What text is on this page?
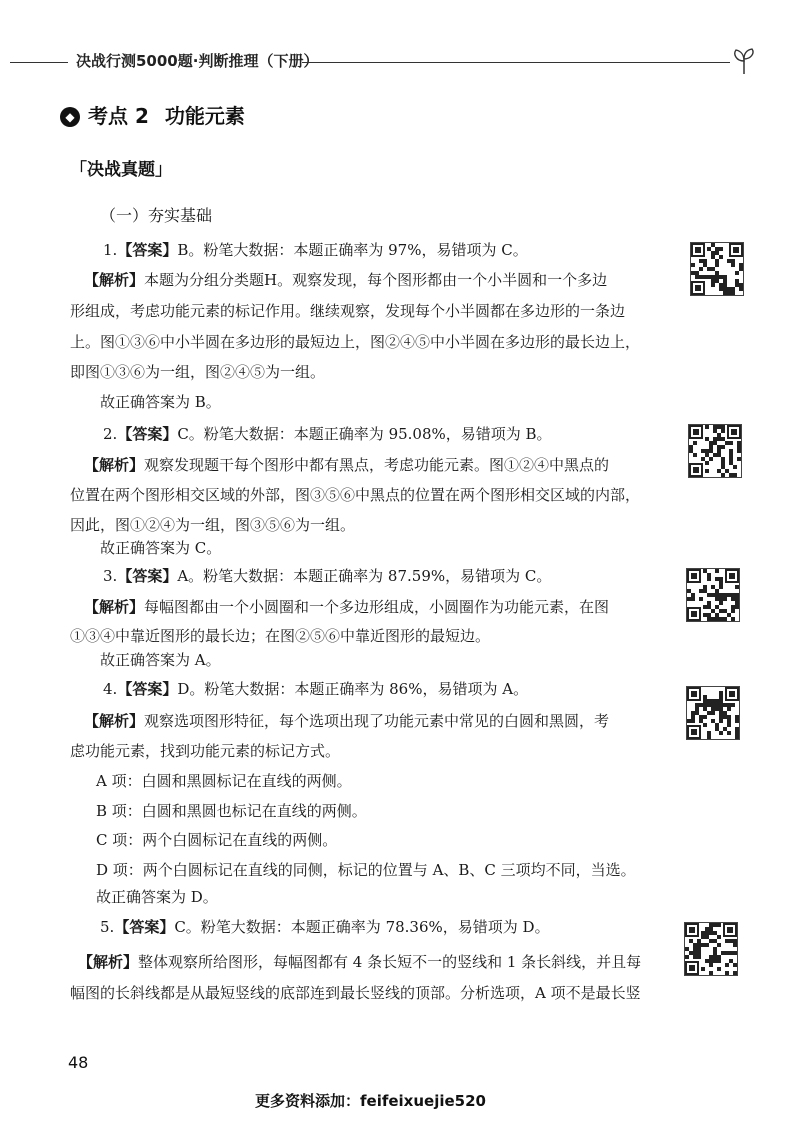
决战行测5000题·判断推理（下册）
◆ 考点 2 功能元素
「决战真题」
（一）夯实基础
1.【答案】B。粉笔大数据：本题正确率为 97%，易错项为 C。
【解析】本题为分组分类题H。观察发现，每个图形都由一个小半圆和一个多边
形组成，考虑功能元素的标记作用。继续观察，发现每个小半圆都在多边形的一条边
上。图①③⑥中小半圆在多边形的最短边上，图②④⑤中小半圆在多边形的最长边上，
即图①③⑥为一组，图②④⑤为一组。
故正确答案为 B。
2.【答案】C。粉笔大数据：本题正确率为 95.08%，易错项为 B。
【解析】观察发现题干每个图形中都有黑点，考虑功能元素。图①②④中黑点的
位置在两个图形相交区域的外部，图③⑤⑥中黑点的位置在两个图形相交区域的内部，
因此，图①②④为一组，图③⑤⑥为一组。
故正确答案为 C。
3.【答案】A。粉笔大数据：本题正确率为 87.59%，易错项为 C。
【解析】每幅图都由一个小圆圈和一个多边形组成，小圆圈作为功能元素，在图
①③④中靠近图形的最长边；在图②⑤⑥中靠近图形的最短边。
故正确答案为 A。
4.【答案】D。粉笔大数据：本题正确率为 86%，易错项为 A。
【解析】观察选项图形特征，每个选项出现了功能元素中常见的白圆和黑圆，考
虑功能元素，找到功能元素的标记方式。
A 项：白圆和黑圆标记在直线的两侧。
B 项：白圆和黑圆也标记在直线的两侧。
C 项：两个白圆标记在直线的两侧。
D 项：两个白圆标记在直线的同侧，标记的位置与 A、B、C 三项均不同，当选。
故正确答案为 D。
5.【答案】C。粉笔大数据：本题正确率为 78.36%，易错项为 D。
【解析】整体观察所给图形，每幅图都有 4 条长短不一的竖线和 1 条长斜线，并且每
幅图的长斜线都是从最短竖线的底部连到最长竖线的顶部。分析选项，A 项不是最长竖
48
更多资料添加：feifeixuejie520
